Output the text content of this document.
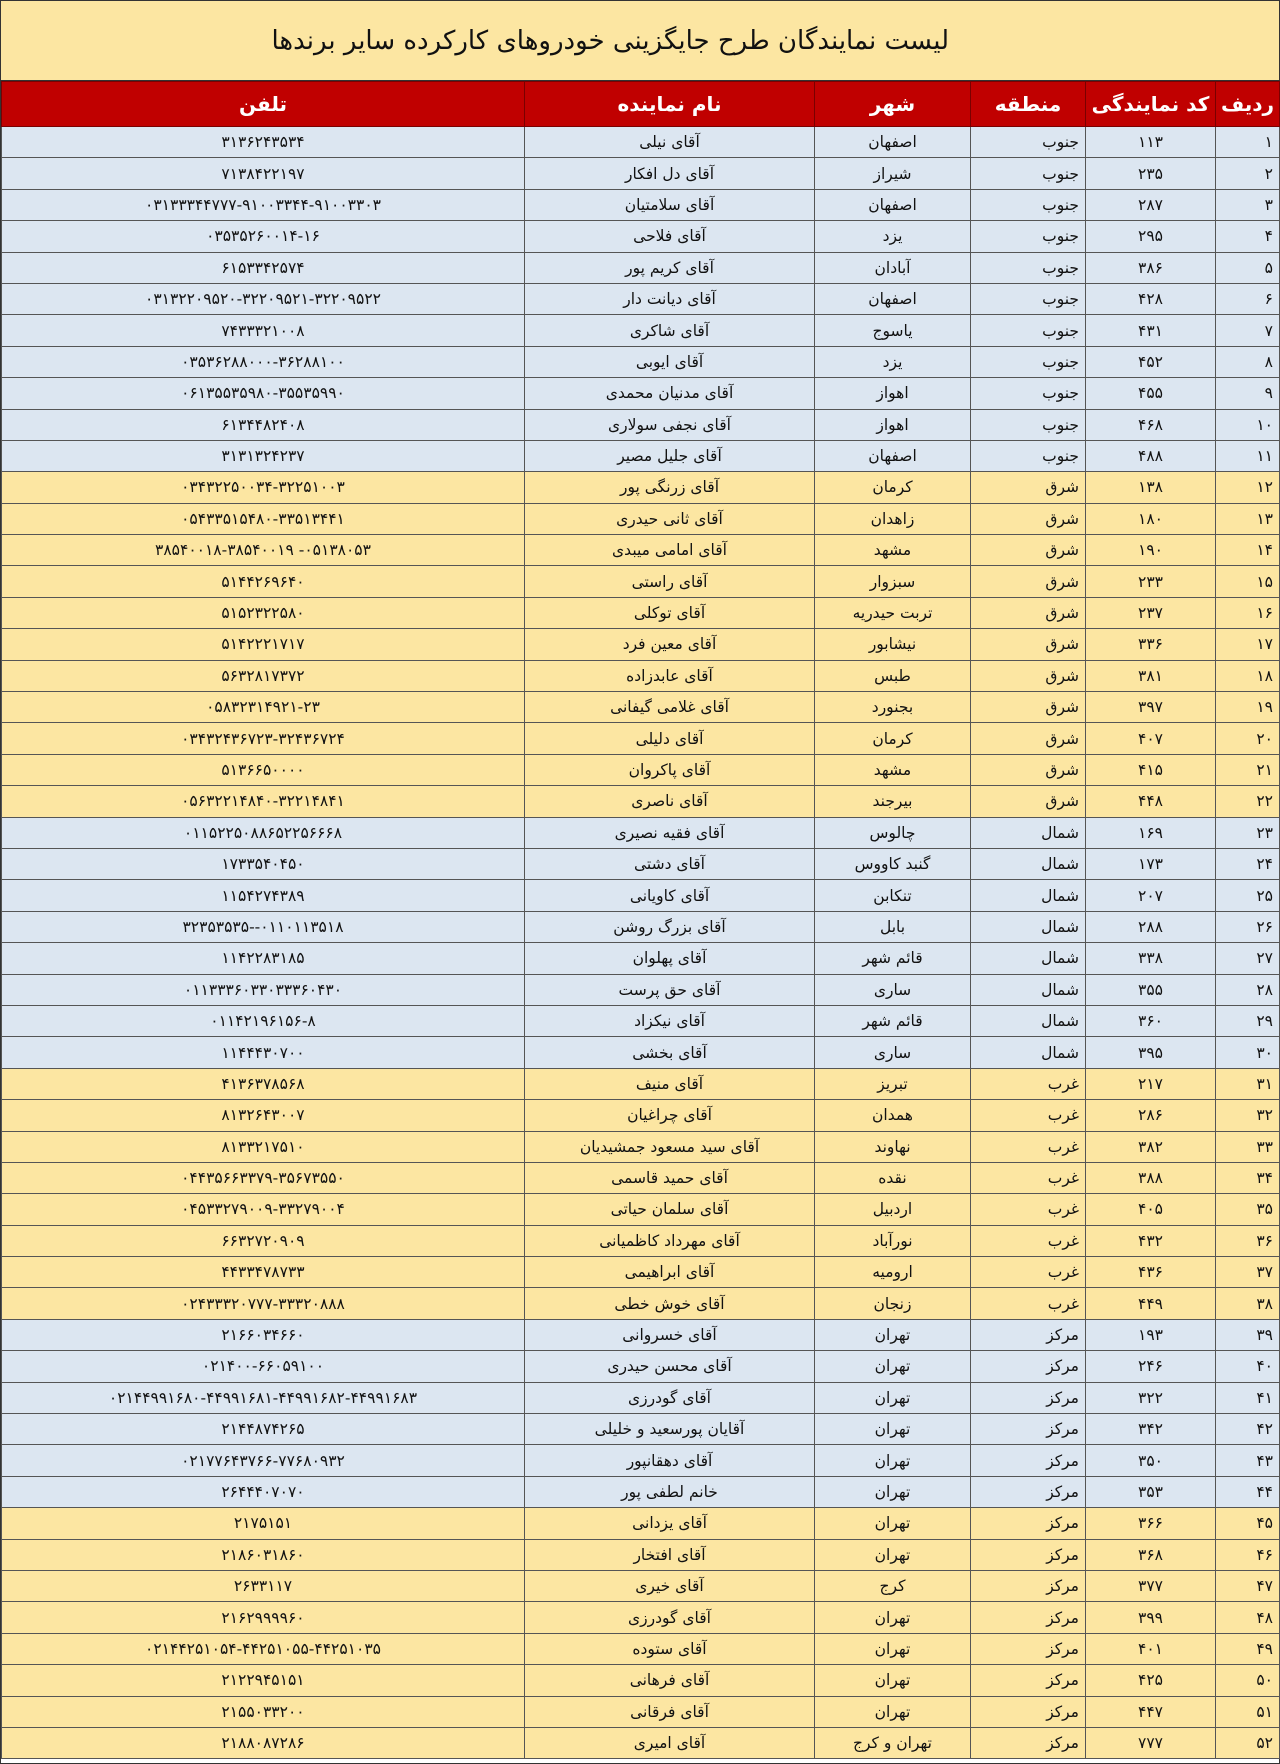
لیست نمایندگان طرح جایگزینی خودروهای کارکرده سایر برندها
ردیف	کد نمایندگی	منطقه	شهر	نام نماینده	تلفن
۱	۱۱۳	جنوب	اصفهان	آقای نیلی	۳۱۳۶۲۴۳۵۳۴
۲	۲۳۵	جنوب	شیراز	آقای دل افکار	۷۱۳۸۴۲۲۱۹۷
۳	۲۸۷	جنوب	اصفهان	آقای سلامتیان	۰۳۱۳۳۳۴۴۷۷۷-۹۱۰۰۳۳۴۴-۹۱۰۰۳۳۰۳
۴	۲۹۵	جنوب	یزد	آقای فلاحی	۰۳۵۳۵۲۶۰۰۱۴-۱۶
۵	۳۸۶	جنوب	آبادان	آقای کریم پور	۶۱۵۳۳۴۲۵۷۴
۶	۴۲۸	جنوب	اصفهان	آقای دیانت دار	۰۳۱۳۲۲۰۹۵۲۰-۳۲۲۰۹۵۲۱-۳۲۲۰۹۵۲۲
۷	۴۳۱	جنوب	یاسوج	آقای شاکری	۷۴۳۳۳۲۱۰۰۸
۸	۴۵۲	جنوب	یزد	آقای ایوبی	۰۳۵۳۶۲۸۸۰۰۰-۳۶۲۸۸۱۰۰
۹	۴۵۵	جنوب	اهواز	آقای مدنیان محمدی	۰۶۱۳۵۵۳۵۹۸۰-۳۵۵۳۵۹۹۰
۱۰	۴۶۸	جنوب	اهواز	آقای نجفی سولاری	۶۱۳۴۴۸۲۴۰۸
۱۱	۴۸۸	جنوب	اصفهان	آقای جلیل مصیر	۳۱۳۱۳۲۴۲۳۷
۱۲	۱۳۸	شرق	کرمان	آقای زرنگی پور	۰۳۴۳۲۲۵۰۰۳۴-۳۲۲۵۱۰۰۳
۱۳	۱۸۰	شرق	زاهدان	آقای ثانی حیدری	۰۵۴۳۳۵۱۵۴۸۰-۳۳۵۱۳۴۴۱
۱۴	۱۹۰	شرق	مشهد	آقای امامی میبدی	۰۵۱۳۸۰۵۳- ۳۸۵۴۰۰۱۸-۳۸۵۴۰۰۱۹
۱۵	۲۳۳	شرق	سبزوار	آقای راستی	۵۱۴۴۲۶۹۶۴۰
۱۶	۲۳۷	شرق	تربت حیدریه	آقای توکلی	۵۱۵۲۳۲۲۵۸۰
۱۷	۳۳۶	شرق	نیشابور	آقای معین فرد	۵۱۴۲۲۲۱۷۱۷
۱۸	۳۸۱	شرق	طبس	آقای عابدزاده	۵۶۳۲۸۱۷۳۷۲
۱۹	۳۹۷	شرق	بجنورد	آقای غلامی گیفانی	۰۵۸۳۲۳۱۴۹۲۱-۲۳
۲۰	۴۰۷	شرق	کرمان	آقای دلیلی	۰۳۴۳۲۴۳۶۷۲۳-۳۲۴۳۶۷۲۴
۲۱	۴۱۵	شرق	مشهد	آقای پاکروان	۵۱۳۶۶۵۰۰۰۰
۲۲	۴۴۸	شرق	بیرجند	آقای ناصری	۰۵۶۳۲۲۱۴۸۴۰-۳۲۲۱۴۸۴۱
۲۳	۱۶۹	شمال	چالوس	آقای فقیه نصیری	۰۱۱۵۲۲۵۰۸۸۶۵۲۲۵۶۶۶۸
۲۴	۱۷۳	شمال	گنبد کاووس	آقای دشتی	۱۷۳۳۵۴۰۴۵۰
۲۵	۲۰۷	شمال	تنکابن	آقای کاویانی	۱۱۵۴۲۷۴۳۸۹
۲۶	۲۸۸	شمال	بابل	آقای بزرگ روشن	۰۱۱۰۱۱۳۵۱۸--۳۲۳۵۳۵۳۵
۲۷	۳۳۸	شمال	قائم شهر	آقای پهلوان	۱۱۴۲۲۸۳۱۸۵
۲۸	۳۵۵	شمال	ساری	آقای حق پرست	۰۱۱۳۳۳۶۰۳۳۰۳۳۳۶۰۴۳۰
۲۹	۳۶۰	شمال	قائم شهر	آقای نیکزاد	۰۱۱۴۲۱۹۶۱۵۶-۸
۳۰	۳۹۵	شمال	ساری	آقای بخشی	۱۱۴۴۴۳۰۷۰۰
۳۱	۲۱۷	غرب	تبریز	آقای منیف	۴۱۳۶۳۷۸۵۶۸
۳۲	۲۸۶	غرب	همدان	آقای چراغیان	۸۱۳۲۶۴۳۰۰۷
۳۳	۳۸۲	غرب	نهاوند	آقای سید مسعود جمشیدیان	۸۱۳۳۲۱۷۵۱۰
۳۴	۳۸۸	غرب	نقده	آقای حمید قاسمی	۰۴۴۳۵۶۶۳۳۷۹-۳۵۶۷۳۵۵۰
۳۵	۴۰۵	غرب	اردبیل	آقای سلمان حیاتی	۰۴۵۳۳۲۷۹۰۰۹-۳۳۲۷۹۰۰۴
۳۶	۴۳۲	غرب	نورآباد	آقای مهرداد کاظمیانی	۶۶۳۲۷۲۰۹۰۹
۳۷	۴۳۶	غرب	ارومیه	آقای ابراهیمی	۴۴۳۳۴۷۸۷۳۳
۳۸	۴۴۹	غرب	زنجان	آقای خوش خطی	۰۲۴۳۳۳۲۰۷۷۷-۳۳۳۲۰۸۸۸
۳۹	۱۹۳	مرکز	تهران	آقای خسروانی	۲۱۶۶۰۳۴۶۶۰
۴۰	۲۴۶	مرکز	تهران	آقای محسن حیدری	۰۲۱۴۰۰-۶۶۰۵۹۱۰۰
۴۱	۳۲۲	مرکز	تهران	آقای گودرزی	۰۲۱۴۴۹۹۱۶۸۰-۴۴۹۹۱۶۸۱-۴۴۹۹۱۶۸۲-۴۴۹۹۱۶۸۳
۴۲	۳۴۲	مرکز	تهران	آقایان پورسعید و خلیلی	۲۱۴۴۸۷۴۲۶۵
۴۳	۳۵۰	مرکز	تهران	آقای دهقانپور	۰۲۱۷۷۶۴۳۷۶۶-۷۷۶۸۰۹۳۲
۴۴	۳۵۳	مرکز	تهران	خانم لطفی پور	۲۶۴۴۴۰۷۰۷۰
۴۵	۳۶۶	مرکز	تهران	آقای یزدانی	۲۱۷۵۱۵۱
۴۶	۳۶۸	مرکز	تهران	آقای افتخار	۲۱۸۶۰۳۱۸۶۰
۴۷	۳۷۷	مرکز	کرج	آقای خیری	۲۶۳۳۱۱۷
۴۸	۳۹۹	مرکز	تهران	آقای گودرزی	۲۱۶۲۹۹۹۹۶۰
۴۹	۴۰۱	مرکز	تهران	آقای ستوده	۰۲۱۴۴۲۵۱۰۵۴-۴۴۲۵۱۰۵۵-۴۴۲۵۱۰۳۵
۵۰	۴۲۵	مرکز	تهران	آقای فرهانی	۲۱۲۲۹۴۵۱۵۱
۵۱	۴۴۷	مرکز	تهران	آقای فرقانی	۲۱۵۵۰۳۳۲۰۰
۵۲	۷۷۷	مرکز	تهران و کرج	آقای امیری	۲۱۸۸۰۸۷۲۸۶
